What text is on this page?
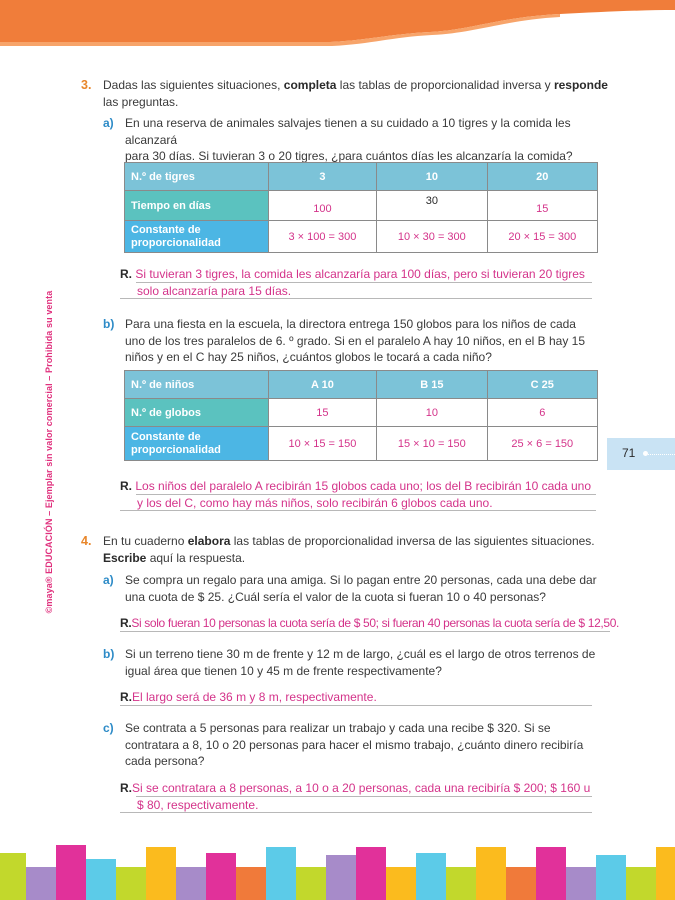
©maya® EDUCACIÓN – Ejemplar sin valor comercial – Prohibida su venta	71
3. Dadas las siguientes situaciones, completa las tablas de proporcionalidad inversa y responde
las preguntas.
a) En una reserva de animales salvajes tienen a su cuidado a 10 tigres y la comida les alcanzará
para 30 días. Si tuvieran 3 o 20 tigres, ¿para cuántos días les alcanzaría la comida?
N.º de tigres	3	10	20
Tiempo en días	100	30	15
Constante de
proporcionalidad	3 × 100 = 300	10 × 30 = 300	20 × 15 = 300
R. Si tuvieran 3 tigres, la comida les alcanzaría para 100 días, pero si tuvieran 20 tigres
solo alcanzaría para 15 días.
b) Para una fiesta en la escuela, la directora entrega 150 globos para los niños de cada
uno de los tres paralelos de 6. º grado. Si en el paralelo A hay 10 niños, en el B hay 15
niños y en el C hay 25 niños, ¿cuántos globos le tocará a cada niño?
N.º de niños	A 10	B 15	C 25
N.º de globos	15	10	6
Constante de
proporcionalidad	10 × 15 = 150	15 × 10 = 150	25 × 6 = 150
R. Los niños del paralelo A recibirán 15 globos cada uno; los del B recibirán 10 cada uno
y los del C, como hay más niños, solo recibirán 6 globos cada uno.
4. En tu cuaderno elabora las tablas de proporcionalidad inversa de las siguientes situaciones.
Escribe aquí la respuesta.
a) Se compra un regalo para una amiga. Si lo pagan entre 20 personas, cada una debe dar
una cuota de $ 25. ¿Cuál sería el valor de la cuota si fueran 10 o 40 personas?
R.Si solo fueran 10 personas la cuota sería de $ 50; si fueran 40 personas la cuota sería de $ 12,50.
b) Si un terreno tiene 30 m de frente y 12 m de largo, ¿cuál es el largo de otros terrenos de
igual área que tienen 10 y 45 m de frente respectivamente?
R.El largo será de 36 m y 8 m, respectivamente.
c) Se contrata a 5 personas para realizar un trabajo y cada una recibe $ 320. Si se
contratara a 8, 10 o 20 personas para hacer el mismo trabajo, ¿cuánto dinero recibiría
cada persona?
R.Si se contratara a 8 personas, a 10 o a 20 personas, cada una recibiría $ 200; $ 160 u
$ 80, respectivamente.
